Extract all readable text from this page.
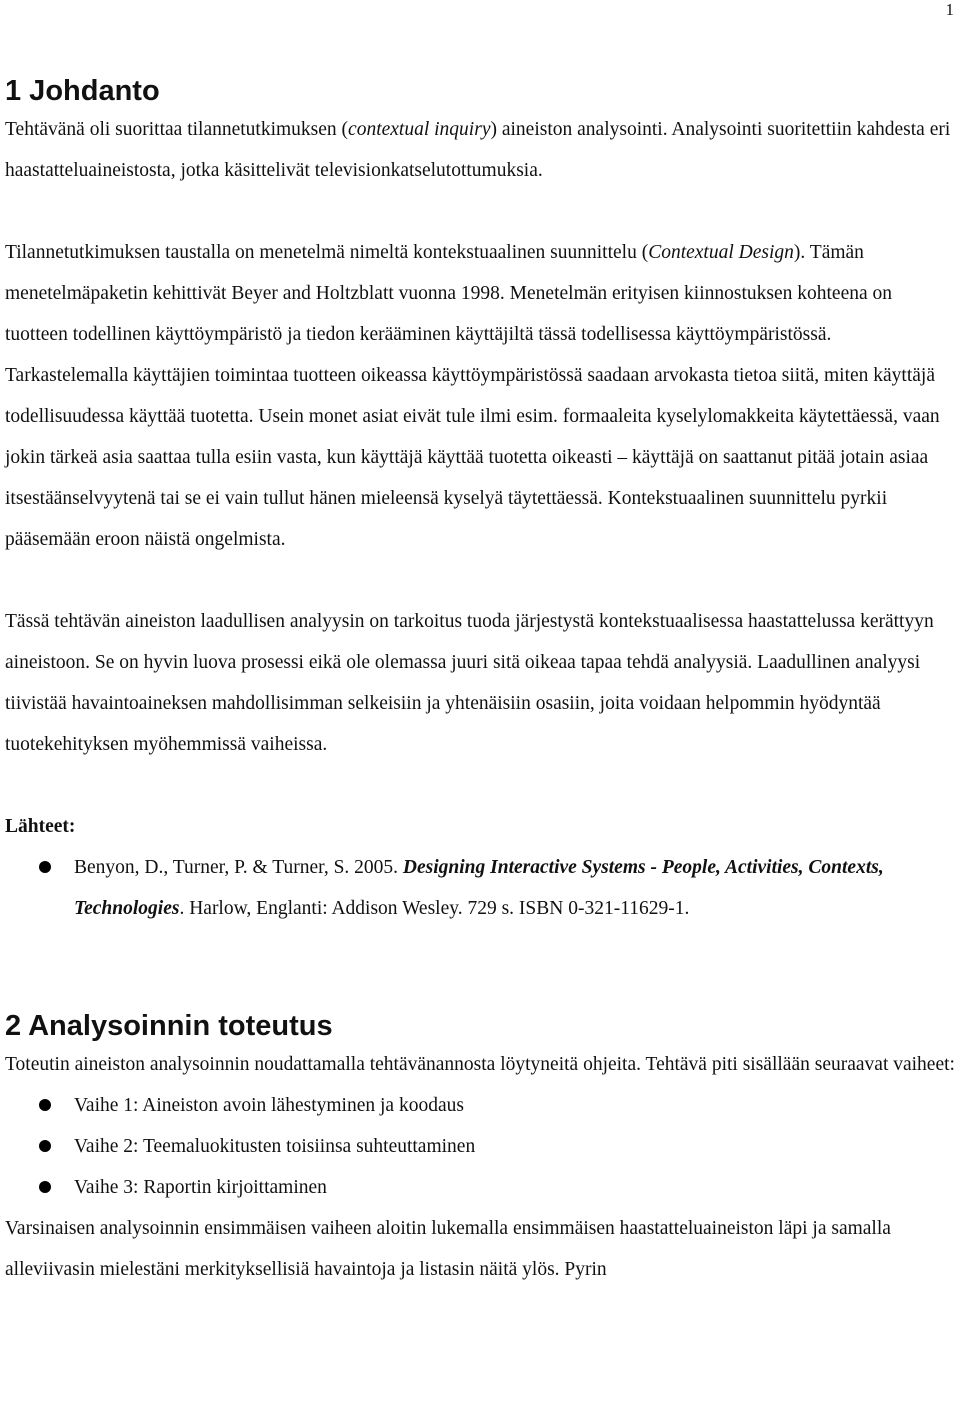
1
1 Johdanto

Tehtävänä oli suorittaa tilannetutkimuksen (contextual inquiry) aineiston analysointi. Analysointi suoritettiin kahdesta eri haastatteluaineistosta, jotka käsittelivät televisionkatselutottumuksia.

Tilannetutkimuksen taustalla on menetelmä nimeltä kontekstuaalinen suunnittelu (Contextual Design). Tämän menetelmäpaketin kehittivät Beyer and Holtzblatt vuonna 1998. Menetelmän erityisen kiinnostuksen kohteena on tuotteen todellinen käyttöympäristö ja tiedon kerääminen käyttäjiltä tässä todellisessa käyttöympäristössä. Tarkastelemalla käyttäjien toimintaa tuotteen oikeassa käyttöympäristössä saadaan arvokasta tietoa siitä, miten käyttäjä todellisuudessa käyttää tuotetta. Usein monet asiat eivät tule ilmi esim. formaaleita kyselylomakkeita käytettäessä, vaan jokin tärkeä asia saattaa tulla esiin vasta, kun käyttäjä käyttää tuotetta oikeasti – käyttäjä on saattanut pitää jotain asiaa itsestäänselvyytenä tai se ei vain tullut hänen mieleensä kyselyä täytettäessä. Kontekstuaalinen suunnittelu pyrkii pääsemään eroon näistä ongelmista.

Tässä tehtävän aineiston laadullisen analyysin on tarkoitus tuoda järjestystä kontekstuaalisessa haastattelussa kerättyyn aineistoon. Se on hyvin luova prosessi eikä ole olemassa juuri sitä oikeaa tapaa tehdä analyysiä. Laadullinen analyysi tiivistää havaintoaineksen mahdollisimman selkeisiin ja yhtenäisiin osasiin, joita voidaan helpommin hyödyntää tuotekehityksen myöhemmissä vaiheissa.

Lähteet:
Benyon, D., Turner, P. & Turner, S. 2005. Designing Interactive Systems - People, Activities, Contexts, Technologies. Harlow, Englanti: Addison Wesley. 729 s. ISBN 0-321-11629-1.
2 Analysoinnin toteutus

Toteutin aineiston analysoinnin noudattamalla tehtävänannosta löytyneitä ohjeita. Tehtävä piti sisällään seuraavat vaiheet:

Vaihe 1: Aineiston avoin lähestyminen ja koodaus
Vaihe 2: Teemaluokitusten toisiinsa suhteuttaminen
Vaihe 3: Raportin kirjoittaminen

Varsinaisen analysoinnin ensimmäisen vaiheen aloitin lukemalla ensimmäisen haastatteluaineiston läpi ja samalla alleviivasin mielestäni merkityksellisiä havaintoja ja listasin näitä ylös. Pyrin
